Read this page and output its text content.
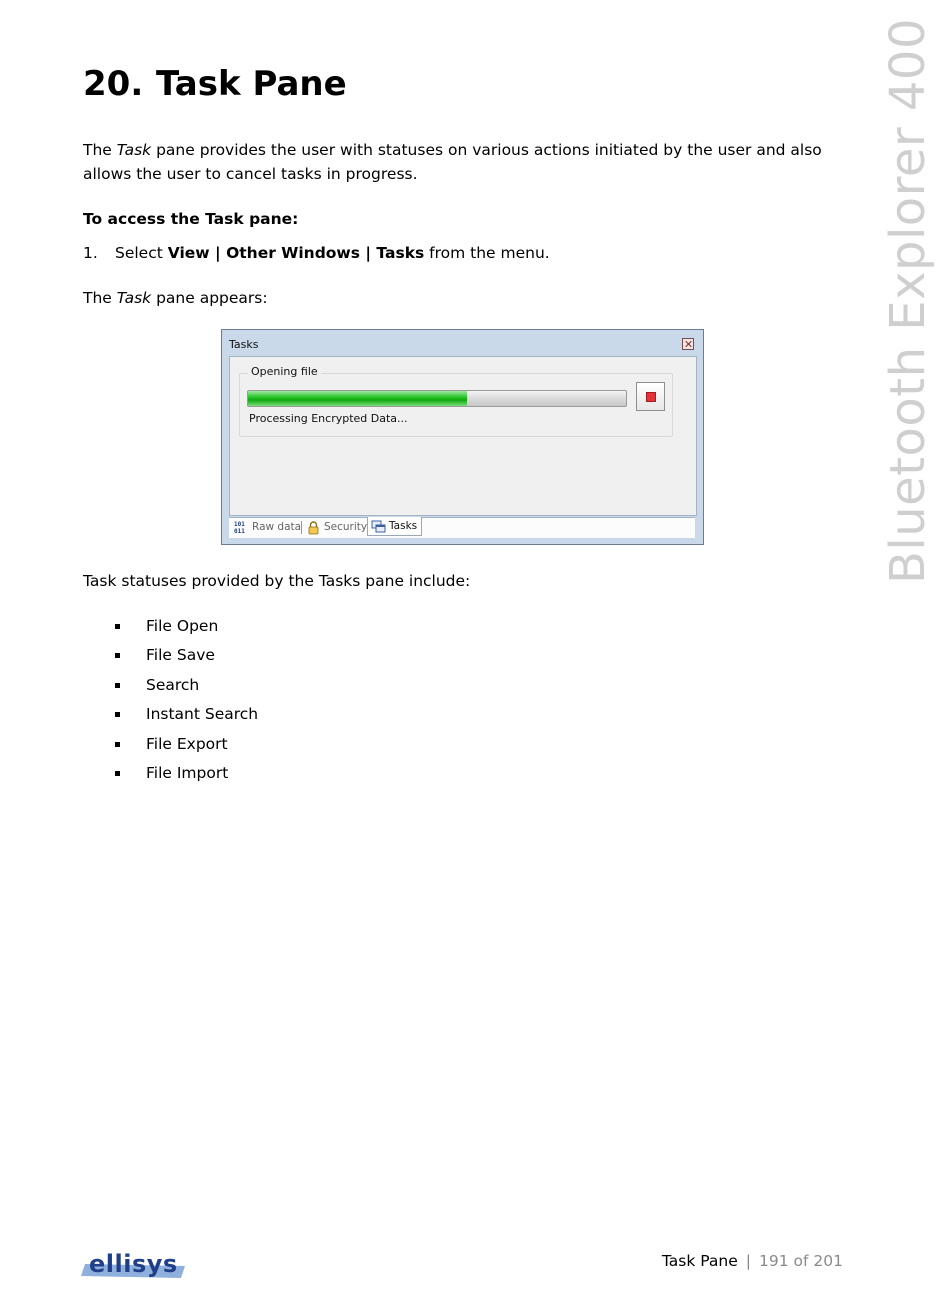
Bluetooth Explorer 400
20. Task Pane

The Task pane provides the user with statuses on various actions initiated by the user and also allows the user to cancel tasks in progress.

To access the Task pane:

1. Select View | Other Windows | Tasks from the menu.

The Task pane appears:

Tasks
Opening file
Processing Encrypted Data...
101
011 Raw data	Security	Tasks

Task statuses provided by the Tasks pane include:

File Open
File Save
Search
Instant Search
File Export
File Import
ellisys	Task Pane | 191 of 201
